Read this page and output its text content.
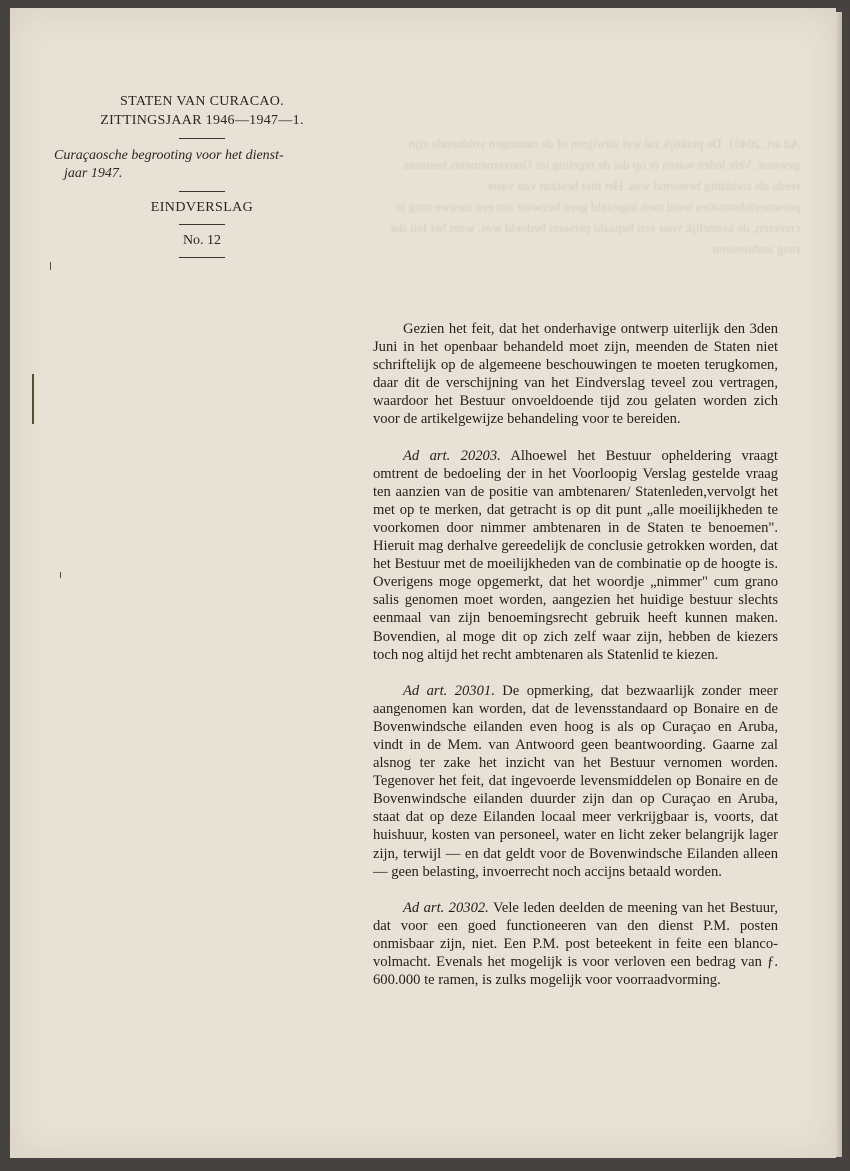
Ad art. 20401. De praktijk zal wel uitwijzen of de ramingen voldoende zijn geweest. Vele leden waren er op dat de regeling ter Gouvernements bestuurs reeds als zoodanig benoemd was. Het niet bestaan van vaste personeelsformaties werd toen ingesteld geen bezwaar om een nieuwe rang te creëeren, de kennelijk voor een bepaald persoon bedoeld was, want het feit dat rang ambtenaren.
STATEN VAN CURACAO.
ZITTINGSJAAR 1946—1947—1.
Curaçaosche begrooting voor het dienst-
jaar 1947.
EINDVERSLAG
No. 12

Gezien het feit, dat het onderhavige ontwerp uiterlijk den 3den Juni in het openbaar behandeld moet zijn, meenden de Staten niet schriftelijk op de algemeene beschouwingen te moeten terugkomen, daar dit de verschijning van het Eindverslag teveel zou vertragen, waardoor het Bestuur onvoeldoende tijd zou gelaten worden zich voor de artikelgewijze behandeling voor te bereiden.

Ad art. 20203. Alhoewel het Bestuur opheldering vraagt omtrent de bedoeling der in het Voorloopig Verslag gestelde vraag ten aanzien van de positie van ambtenaren/ Statenleden,vervolgt het met op te merken, dat getracht is op dit punt „alle moeilijkheden te voorkomen door nimmer ambtenaren in de Staten te benoemen". Hieruit mag derhalve gereedelijk de conclusie getrokken worden, dat het Bestuur met de moeilijkheden van de combinatie op de hoogte is. Overigens moge opgemerkt, dat het woordje „nimmer" cum grano salis genomen moet worden, aangezien het huidige bestuur slechts eenmaal van zijn benoemingsrecht gebruik heeft kunnen maken. Bovendien, al moge dit op zich zelf waar zijn, hebben de kiezers toch nog altijd het recht ambtenaren als Statenlid te kiezen.

Ad art. 20301. De opmerking, dat bezwaarlijk zonder meer aangenomen kan worden, dat de levensstandaard op Bonaire en de Bovenwindsche eilanden even hoog is als op Curaçao en Aruba, vindt in de Mem. van Antwoord geen beantwoording. Gaarne zal alsnog ter zake het inzicht van het Bestuur vernomen worden. Tegenover het feit, dat ingevoerde levensmiddelen op Bonaire en de Bovenwindsche eilanden duurder zijn dan op Curaçao en Aruba, staat dat op deze Eilanden locaal meer verkrijgbaar is, voorts, dat huishuur, kosten van personeel, water en licht zeker belangrijk lager zijn, terwijl — en dat geldt voor de Bovenwindsche Eilanden alleen — geen belasting, invoerrecht noch accijns betaald worden.

Ad art. 20302. Vele leden deelden de meening van het Bestuur, dat voor een goed functioneeren van den dienst P.M. posten onmisbaar zijn, niet. Een P.M. post beteekent in feite een blanco-volmacht. Evenals het mogelijk is voor verloven een bedrag van ƒ. 600.000 te ramen, is zulks mogelijk voor voorraadvorming.
